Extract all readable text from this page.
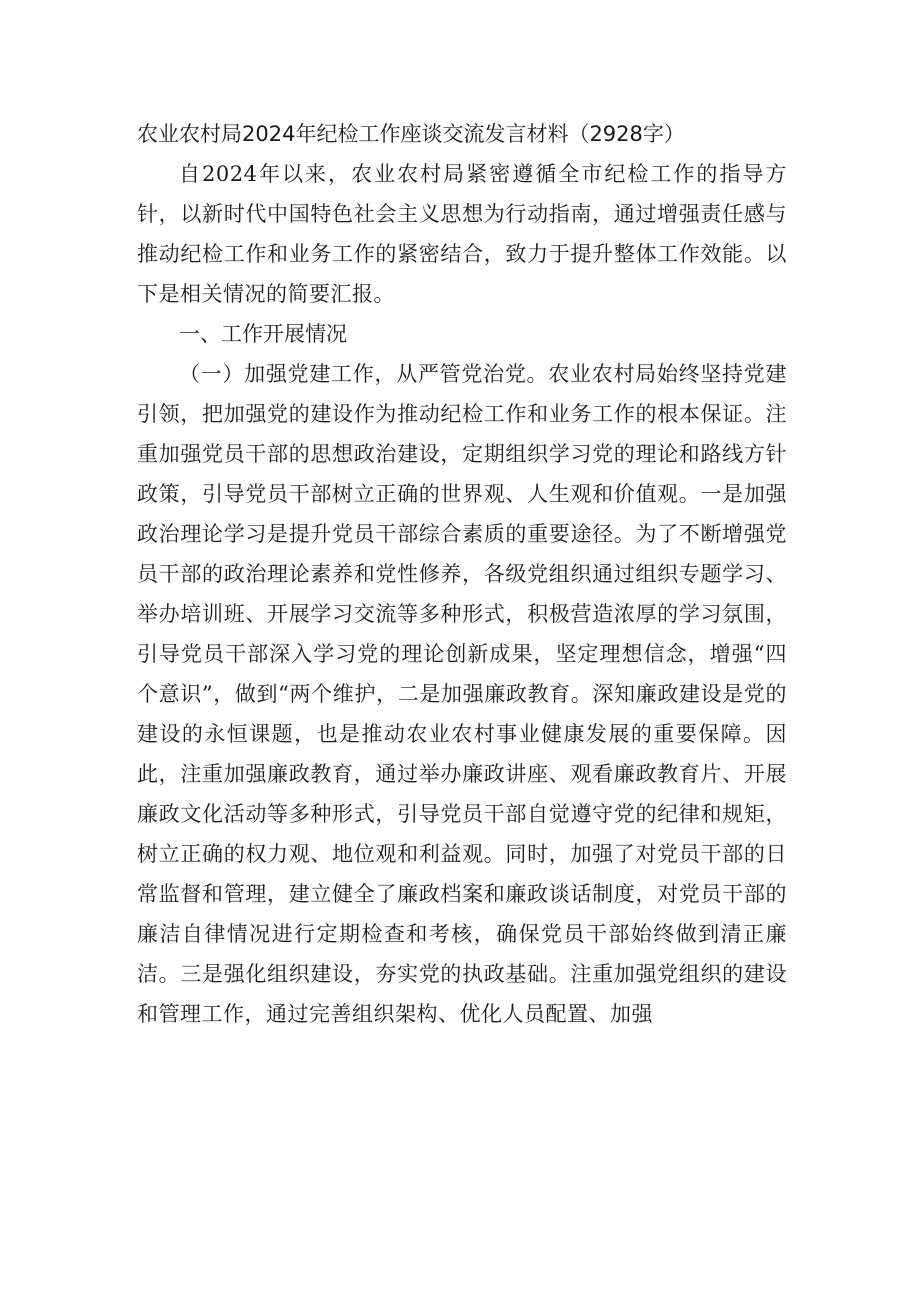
农业农村局2024年纪检工作座谈交流发言材料（2928字）

自2024年以来，农业农村局紧密遵循全市纪检工作的指导方针，以新时代中国特色社会主义思想为行动指南，通过增强责任感与推动纪检工作和业务工作的紧密结合，致力于提升整体工作效能。以下是相关情况的简要汇报。

一、工作开展情况

（一）加强党建工作，从严管党治党。农业农村局始终坚持党建引领，把加强党的建设作为推动纪检工作和业务工作的根本保证。注重加强党员干部的思想政治建设，定期组织学习党的理论和路线方针政策，引导党员干部树立正确的世界观、人生观和价值观。一是加强政治理论学习是提升党员干部综合素质的重要途径。为了不断增强党员干部的政治理论素养和党性修养，各级党组织通过组织专题学习、举办培训班、开展学习交流等多种形式，积极营造浓厚的学习氛围，引导党员干部深入学习党的理论创新成果，坚定理想信念，增强“四个意识”，做到“两个维护，二是加强廉政教育。深知廉政建设是党的建设的永恒课题，也是推动农业农村事业健康发展的重要保障。因此，注重加强廉政教育，通过举办廉政讲座、观看廉政教育片、开展廉政文化活动等多种形式，引导党员干部自觉遵守党的纪律和规矩，树立正确的权力观、地位观和利益观。同时，加强了对党员干部的日常监督和管理，建立健全了廉政档案和廉政谈话制度，对党员干部的廉洁自律情况进行定期检查和考核，确保党员干部始终做到清正廉洁。三是强化组织建设，夯实党的执政基础。注重加强党组织的建设和管理工作，通过完善组织架构、优化人员配置、加强
